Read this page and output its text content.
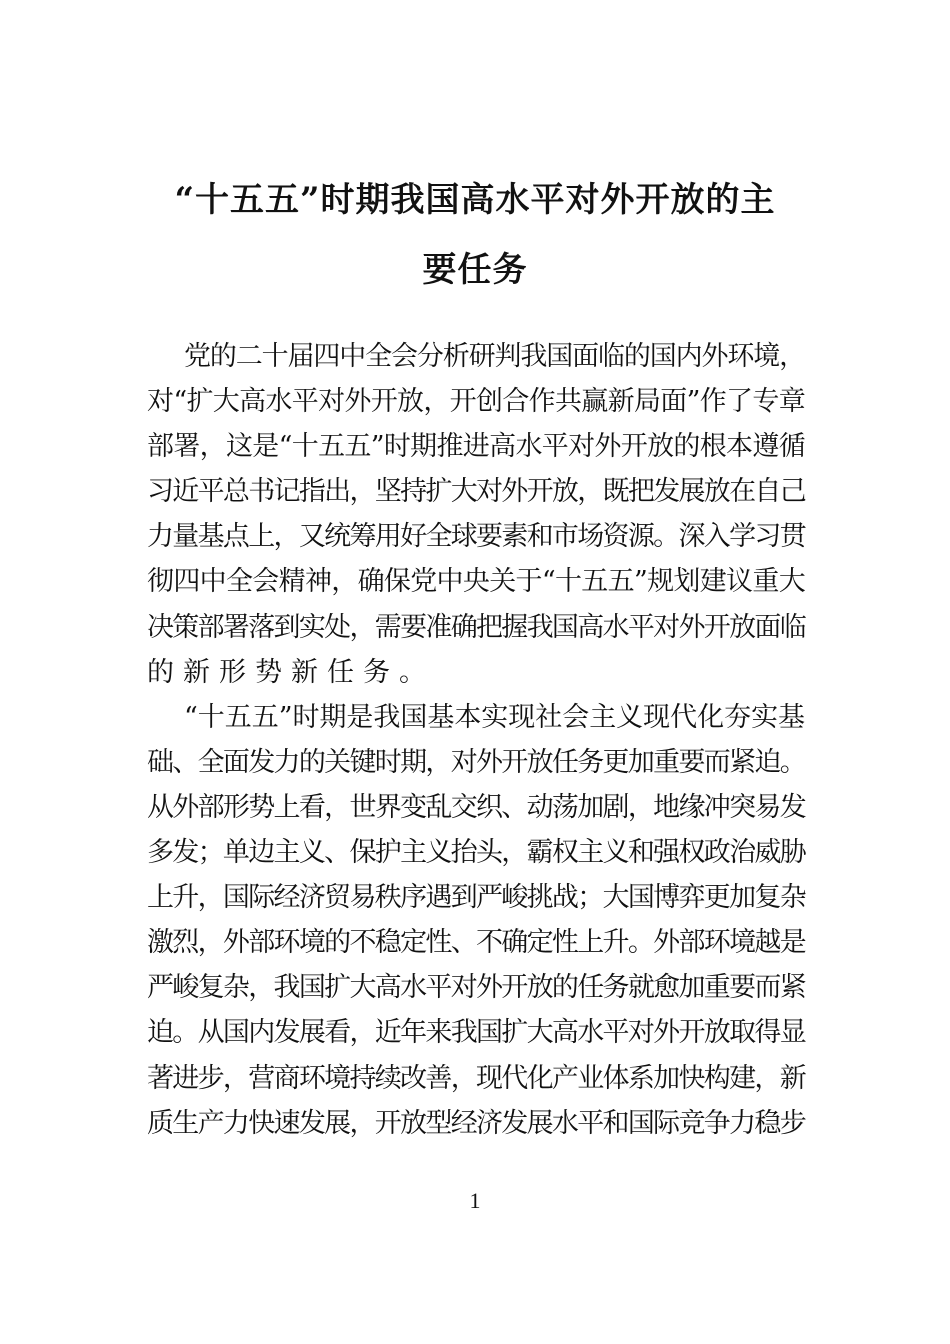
“十五五”时期我国高水平对外开放的主
要任务
党的二十届四中全会分析研判我国面临的国内外环境，
对“扩大高水平对外开放，开创合作共赢新局面”作了专章
部署，这是“十五五”时期推进高水平对外开放的根本遵循
习近平总书记指出，坚持扩大对外开放，既把发展放在自己
力量基点上，又统筹用好全球要素和市场资源。深入学习贯
彻四中全会精神，确保党中央关于“十五五”规划建议重大
决策部署落到实处，需要准确把握我国高水平对外开放面临
的新形势新任务。
“十五五”时期是我国基本实现社会主义现代化夯实基
础、全面发力的关键时期，对外开放任务更加重要而紧迫。
从外部形势上看，世界变乱交织、动荡加剧，地缘冲突易发
多发；单边主义、保护主义抬头，霸权主义和强权政治威胁
上升，国际经济贸易秩序遇到严峻挑战；大国博弈更加复杂
激烈，外部环境的不稳定性、不确定性上升。外部环境越是
严峻复杂，我国扩大高水平对外开放的任务就愈加重要而紧
迫。从国内发展看，近年来我国扩大高水平对外开放取得显
著进步，营商环境持续改善，现代化产业体系加快构建，新
质生产力快速发展，开放型经济发展水平和国际竞争力稳步
1
